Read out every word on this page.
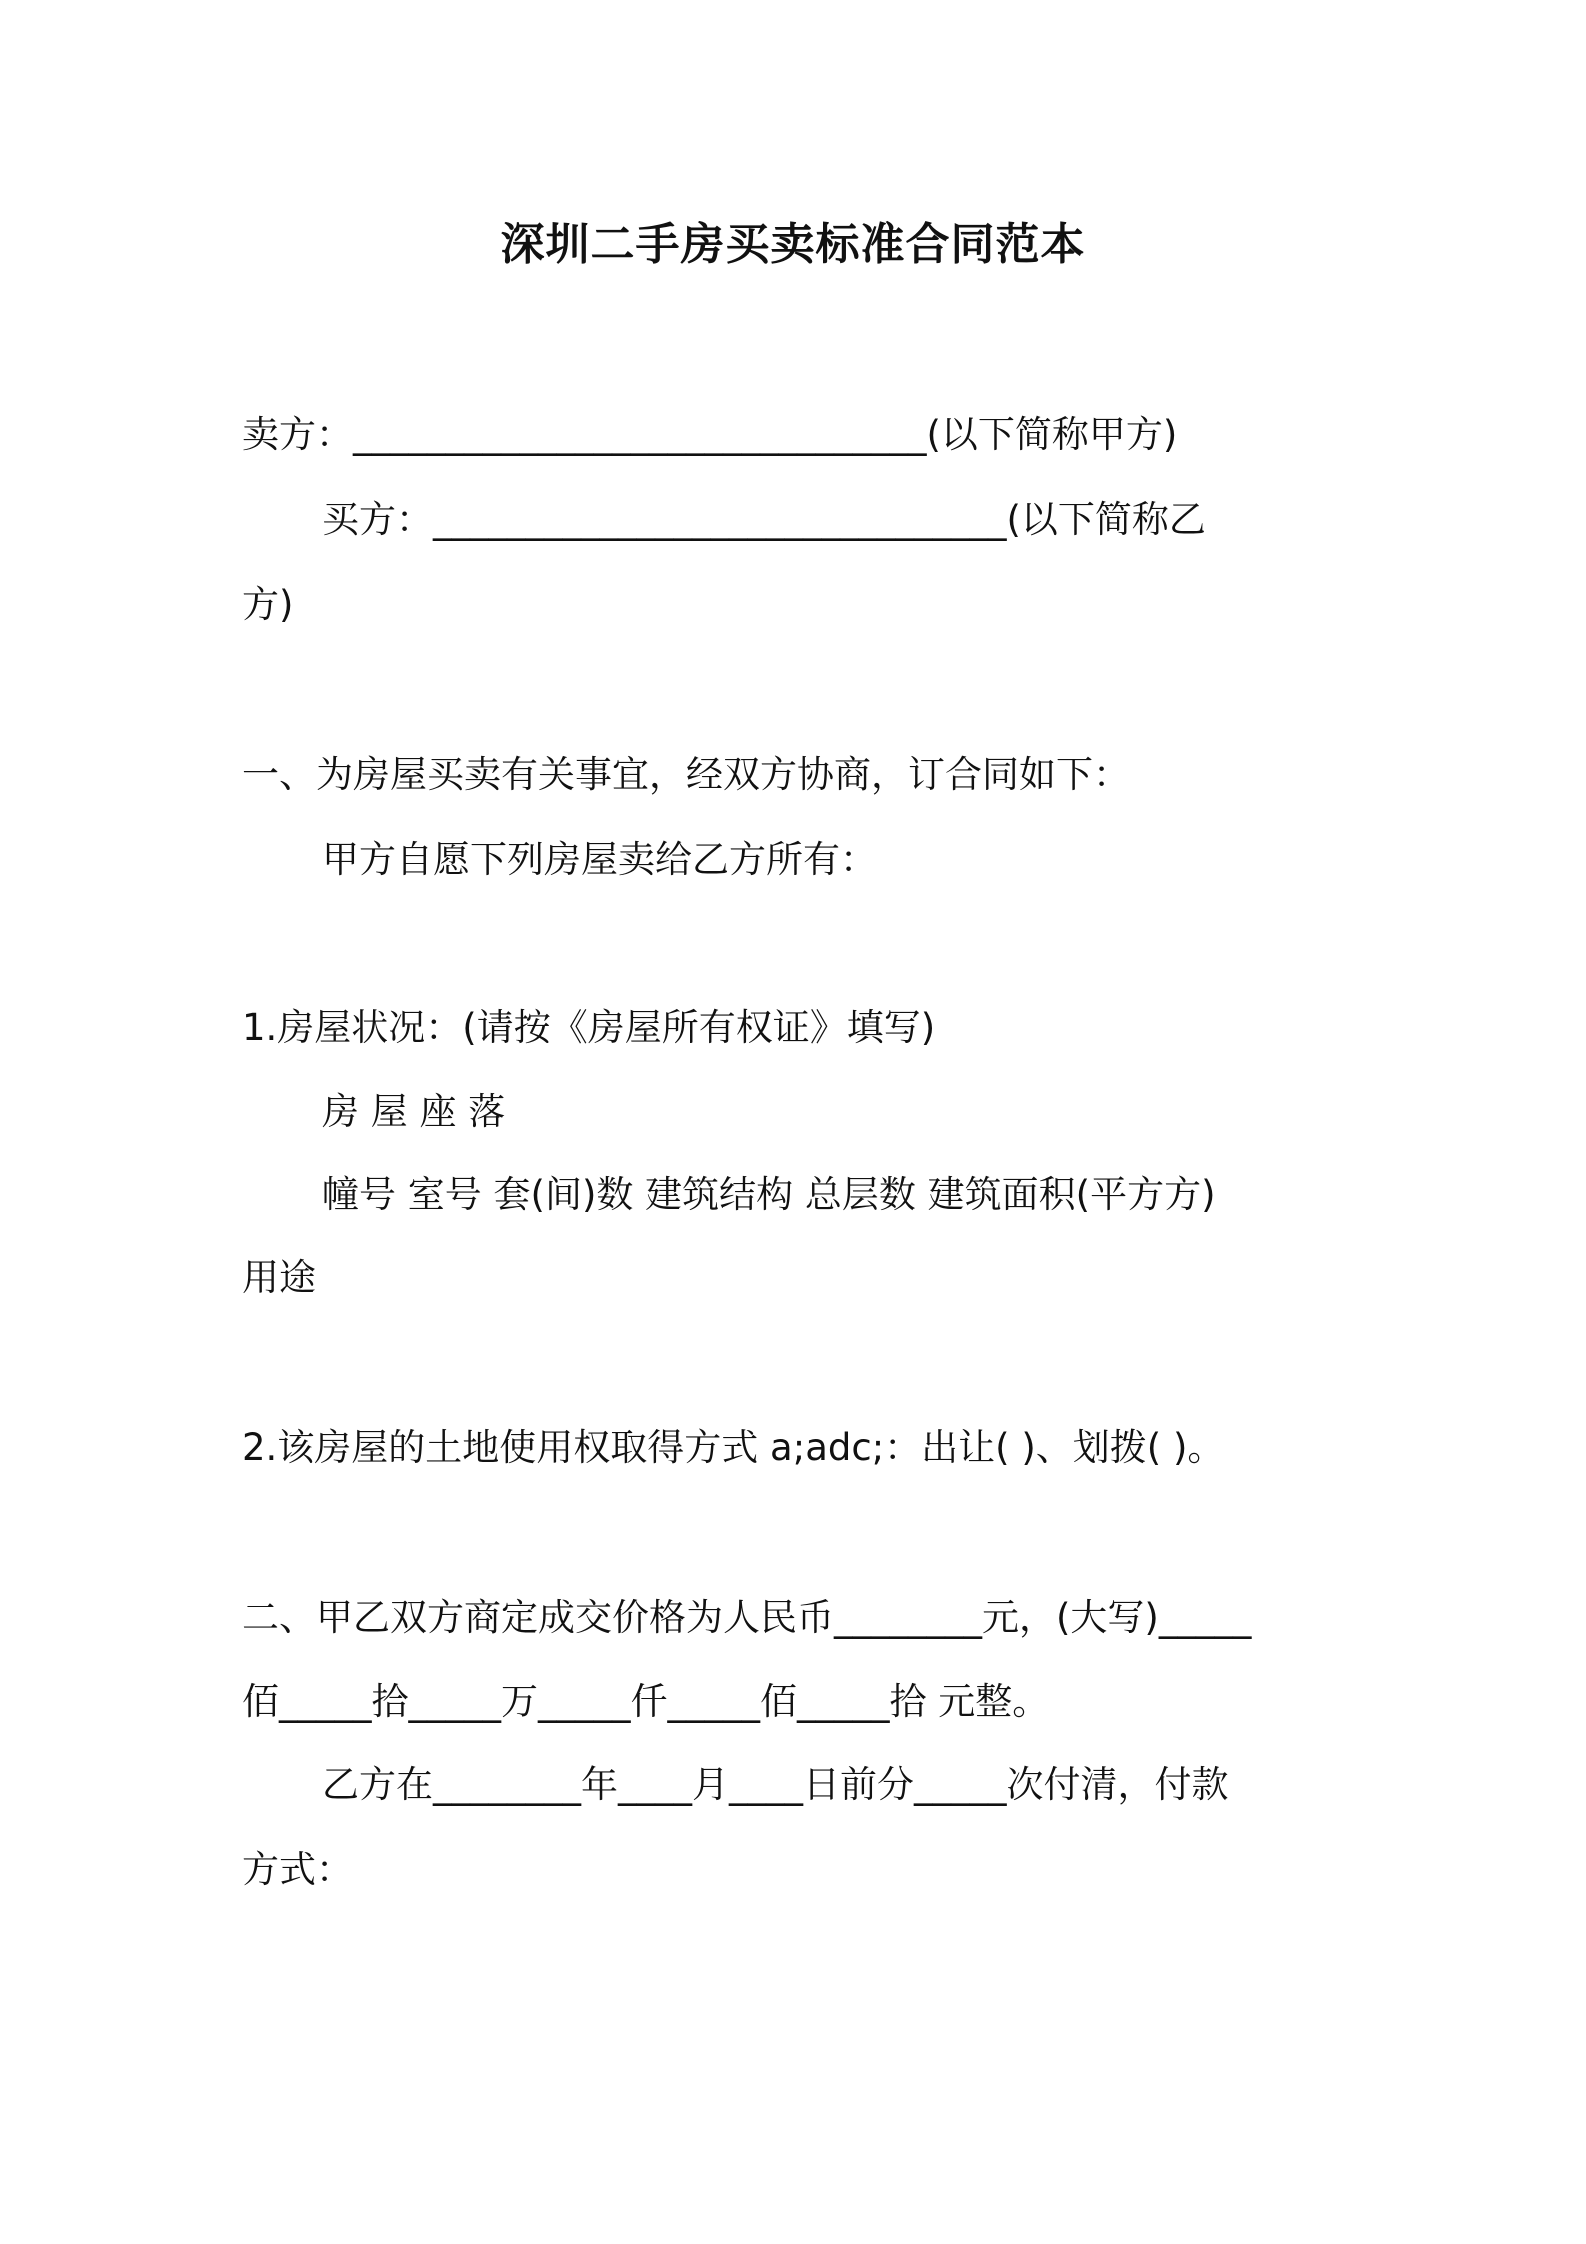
深圳二手房买卖标准合同范本
卖方：_______________________________(以下简称甲方)
买方：_______________________________(以下简称乙
方)
一、为房屋买卖有关事宜，经双方协商，订合同如下：
甲方自愿下列房屋卖给乙方所有：
1.房屋状况：(请按《房屋所有权证》填写)
房 屋 座 落
幢号 室号 套(间)数 建筑结构 总层数 建筑面积(平方方)
用途
2.该房屋的土地使用权取得方式 a;adc;：出让( )、划拨( )。
二、甲乙双方商定成交价格为人民币________元，(大写)_____
佰_____拾_____万_____仟_____佰_____拾 元整。
乙方在________年____月____日前分_____次付清，付款
方式：
